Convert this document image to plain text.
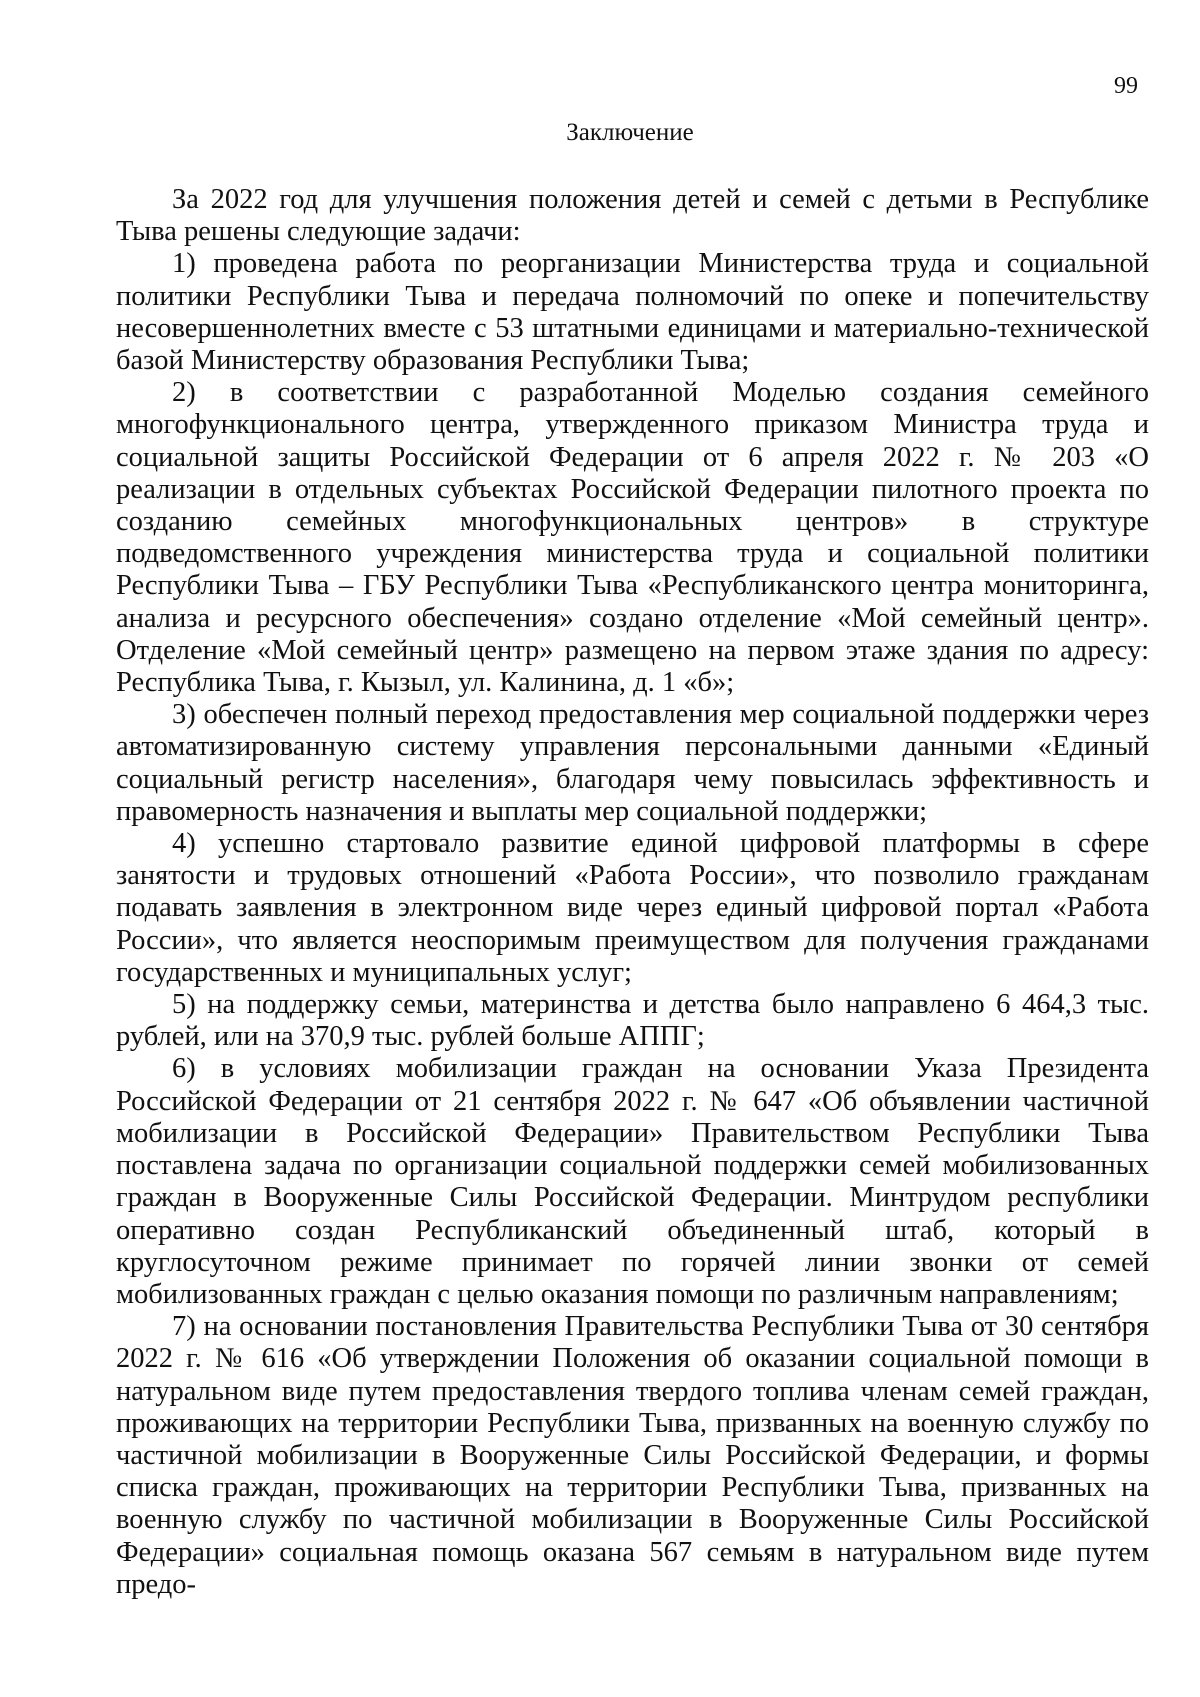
99
Заключение

За 2022 год для улучшения положения детей и семей с детьми в Республике Тыва решены следующие задачи:

1) проведена работа по реорганизации Министерства труда и социальной политики Республики Тыва и передача полномочий по опеке и попечительству несовершеннолетних вместе с 53 штатными единицами и материально-технической базой Министерству образования Республики Тыва;

2) в соответствии с разработанной Моделью создания семейного многофункционального центра, утвержденного приказом Министра труда и социальной защиты Российской Федерации от 6 апреля 2022 г. № 203 «О реализации в отдельных субъектах Российской Федерации пилотного проекта по созданию семейных многофункциональных центров» в структуре подведомственного учреждения министерства труда и социальной политики Республики Тыва – ГБУ Республики Тыва «Республиканского центра мониторинга, анализа и ресурсного обеспечения» создано отделение «Мой семейный центр». Отделение «Мой семейный центр» размещено на первом этаже здания по адресу: Республика Тыва, г. Кызыл, ул. Калинина, д. 1 «б»;

3) обеспечен полный переход предоставления мер социальной поддержки через автоматизированную систему управления персональными данными «Единый социальный регистр населения», благодаря чему повысилась эффективность и правомерность назначения и выплаты мер социальной поддержки;

4) успешно стартовало развитие единой цифровой платформы в сфере занятости и трудовых отношений «Работа России», что позволило гражданам подавать заявления в электронном виде через единый цифровой портал «Работа России», что является неоспоримым преимуществом для получения гражданами государственных и муниципальных услуг;

5) на поддержку семьи, материнства и детства было направлено 6 464,3 тыс. рублей, или на 370,9 тыс. рублей больше АППГ;

6) в условиях мобилизации граждан на основании Указа Президента Российской Федерации от 21 сентября 2022 г. № 647 «Об объявлении частичной мобилизации в Российской Федерации» Правительством Республики Тыва поставлена задача по организации социальной поддержки семей мобилизованных граждан в Вооруженные Силы Российской Федерации. Минтрудом республики оперативно создан Республиканский объединенный штаб, который в круглосуточном режиме принимает по горячей линии звонки от семей мобилизованных граждан с целью оказания помощи по различным направлениям;

7) на основании постановления Правительства Республики Тыва от 30 сентября 2022 г. № 616 «Об утверждении Положения об оказании социальной помощи в натуральном виде путем предоставления твердого топлива членам семей граждан, проживающих на территории Республики Тыва, призванных на военную службу по частичной мобилизации в Вооруженные Силы Российской Федерации, и формы списка граждан, проживающих на территории Республики Тыва, призванных на военную службу по частичной мобилизации в Вооруженные Силы Российской Федерации» социальная помощь оказана 567 семьям в натуральном виде путем предо-
